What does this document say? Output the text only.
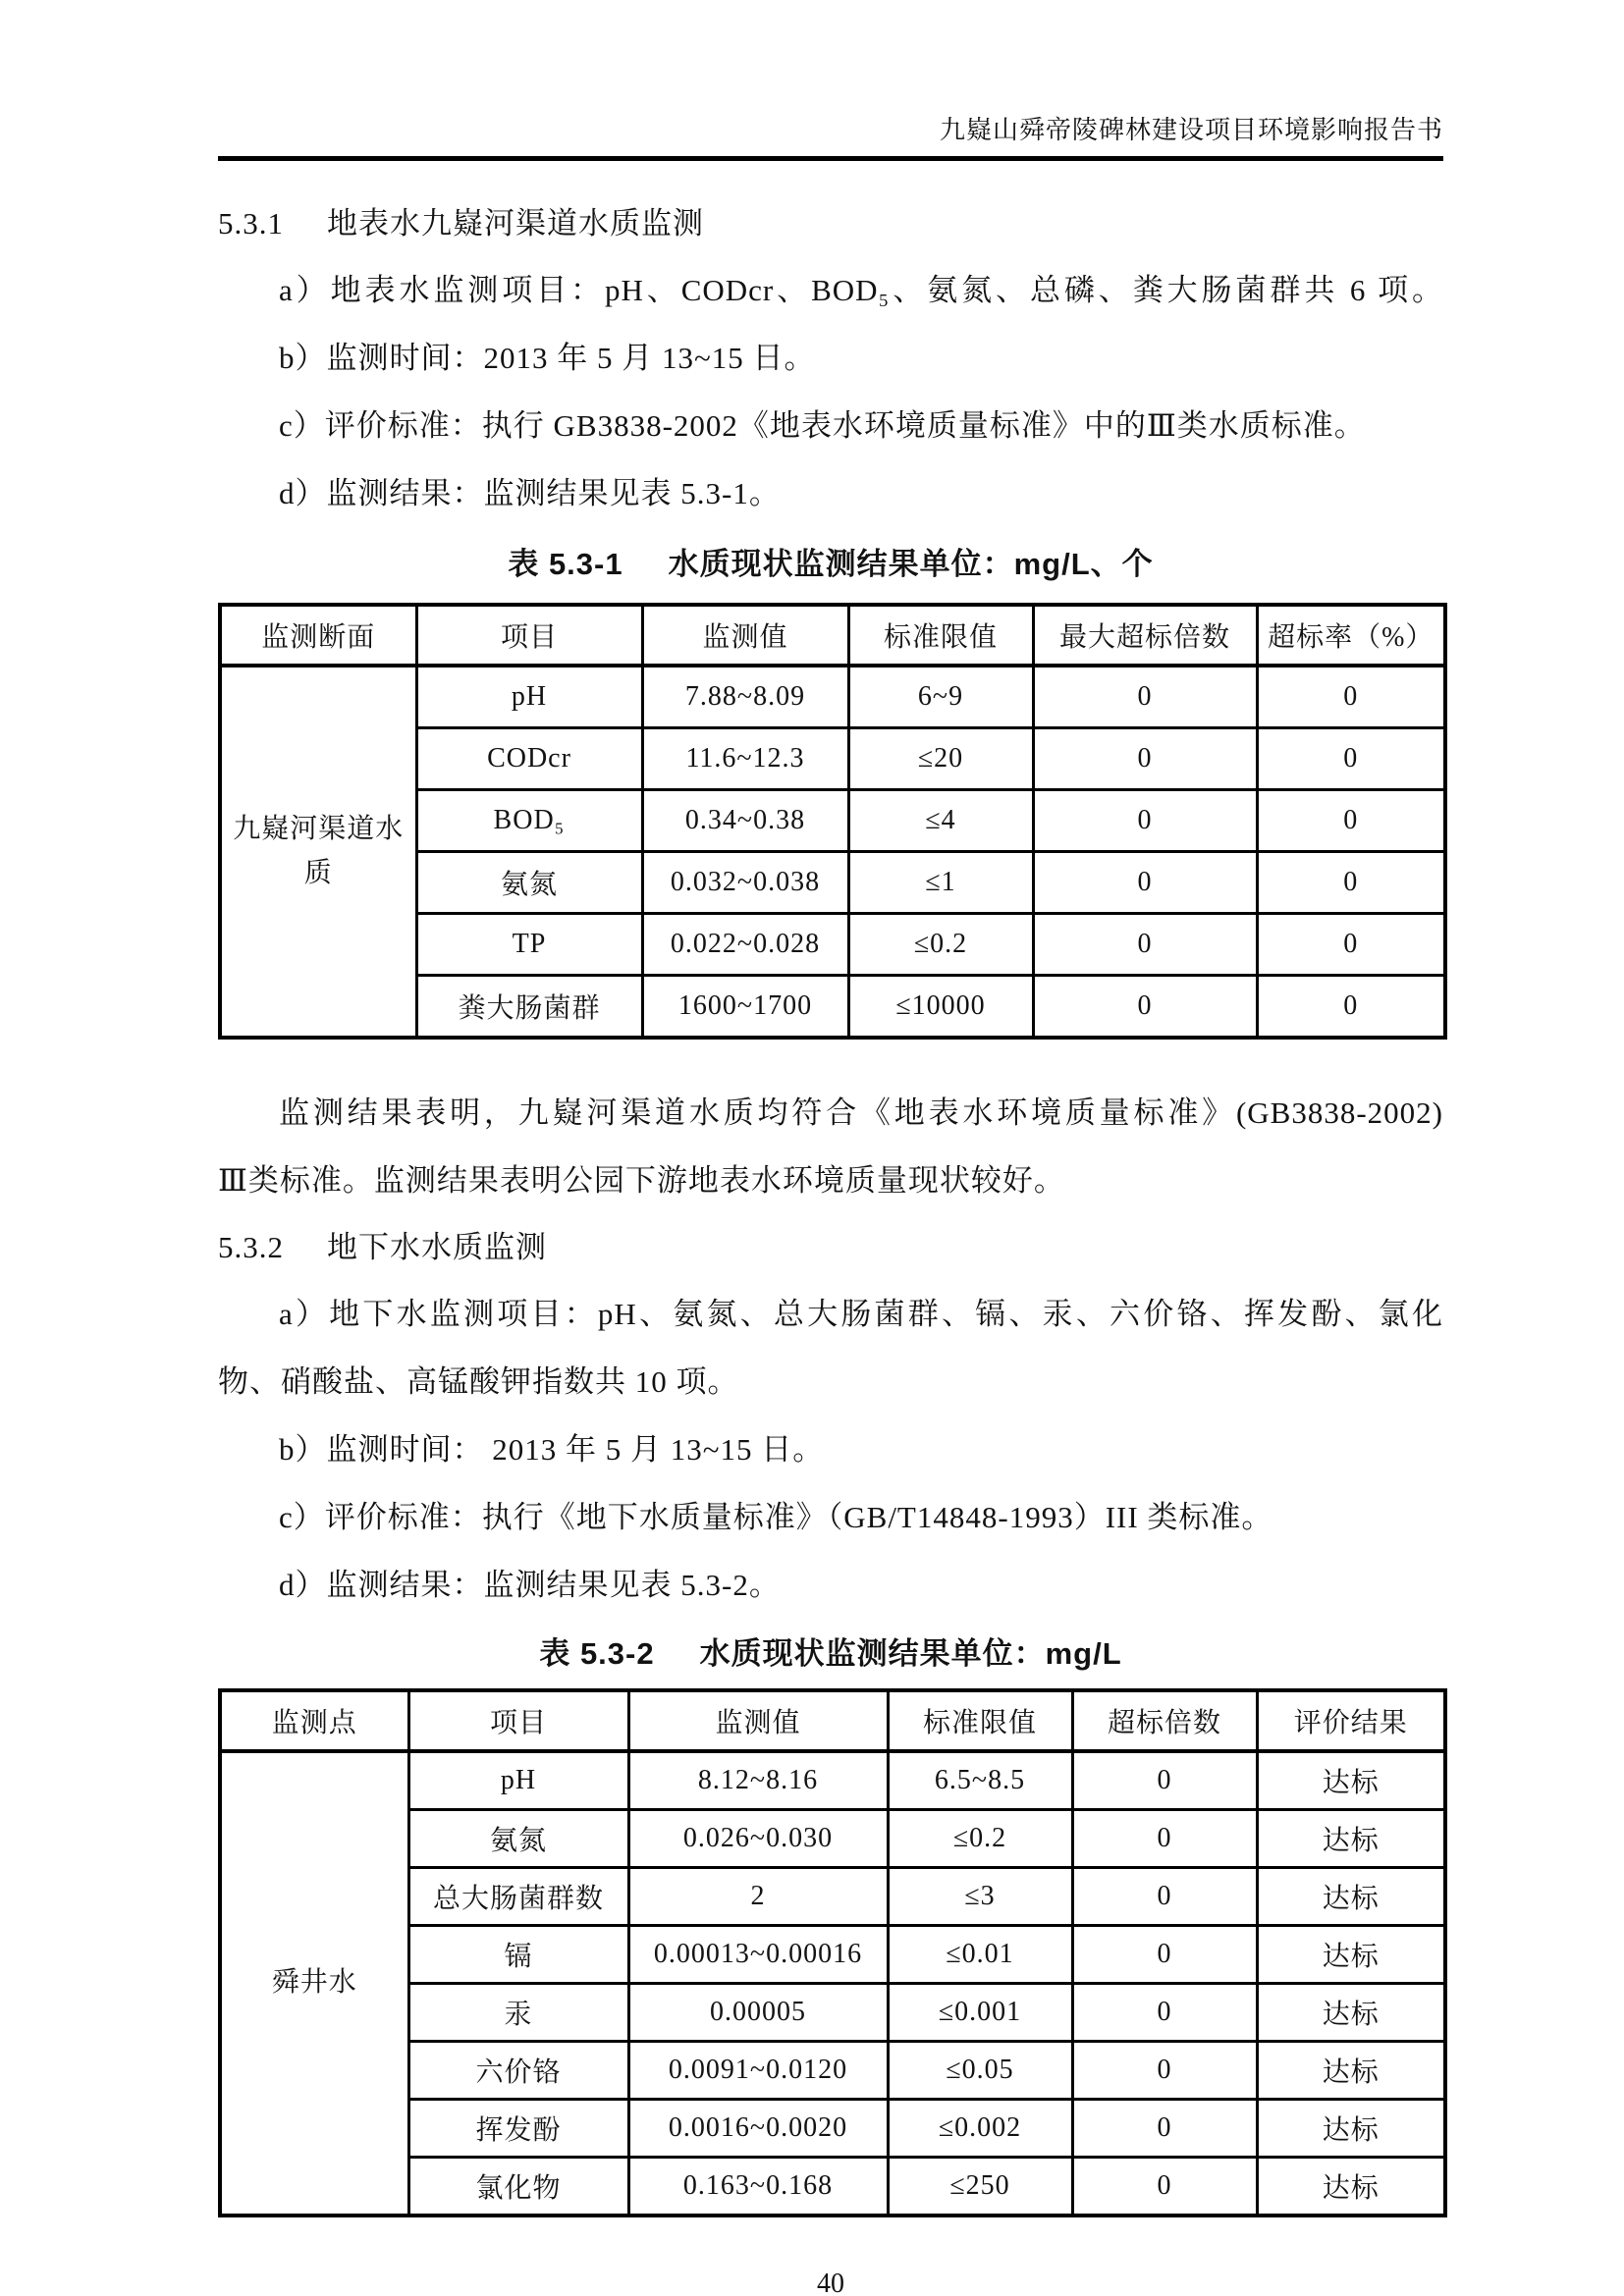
九嶷山舜帝陵碑林建设项目环境影响报告书
5.3.1 地表水九嶷河渠道水质监测
a）地表水监测项目：pH、CODcr、BOD₅、氨氮、总磷、粪大肠菌群共 6 项。
b）监测时间：2013 年 5 月 13~15 日。
c）评价标准：执行 GB3838-2002《地表水环境质量标准》中的Ⅲ类水质标准。
d）监测结果：监测结果见表 5.3-1。
表 5.3-1 水质现状监测结果单位：mg/L、个
监测断面	项目	监测值	标准限值	最大超标倍数	超标率（%）
九嶷河渠道水质	pH	7.88~8.09	6~9	0	0
	CODcr	11.6~12.3	≤20	0	0
	BOD₅	0.34~0.38	≤4	0	0
	氨氮	0.032~0.038	≤1	0	0
	TP	0.022~0.028	≤0.2	0	0
	粪大肠菌群	1600~1700	≤10000	0	0
监测结果表明，九嶷河渠道水质均符合《地表水环境质量标准》(GB3838-2002)
Ⅲ类标准。监测结果表明公园下游地表水环境质量现状较好。
5.3.2 地下水水质监测
a）地下水监测项目：pH、氨氮、总大肠菌群、镉、汞、六价铬、挥发酚、氯化
物、硝酸盐、高锰酸钾指数共 10 项。
b）监测时间： 2013 年 5 月 13~15 日。
c）评价标准：执行《地下水质量标准》（GB/T14848-1993）III 类标准。
d）监测结果：监测结果见表 5.3-2。
表 5.3-2 水质现状监测结果单位：mg/L
监测点	项目	监测值	标准限值	超标倍数	评价结果
舜井水	pH	8.12~8.16	6.5~8.5	0	达标
	氨氮	0.026~0.030	≤0.2	0	达标
	总大肠菌群数	2	≤3	0	达标
	镉	0.00013~0.00016	≤0.01	0	达标
	汞	0.00005	≤0.001	0	达标
	六价铬	0.0091~0.0120	≤0.05	0	达标
	挥发酚	0.0016~0.0020	≤0.002	0	达标
	氯化物	0.163~0.168	≤250	0	达标
40
